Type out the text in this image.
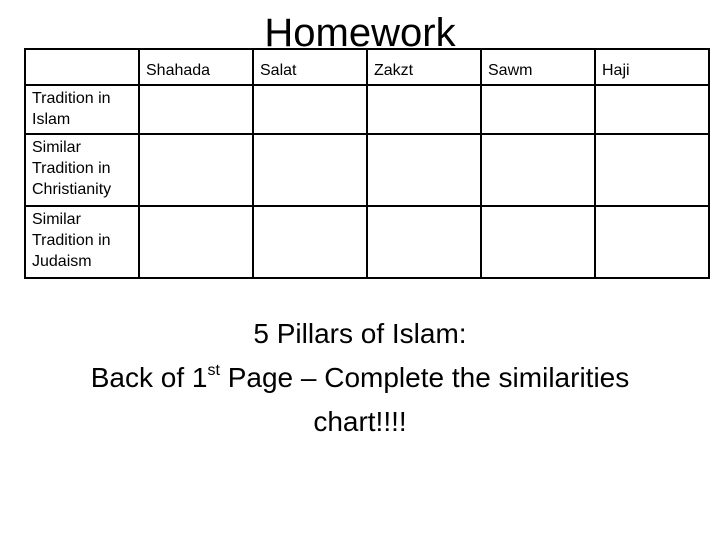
Homework
	Shahada	Salat	Zakzt	Sawm	Haji
Tradition in Islam					
Similar Tradition in Christianity					
Similar Tradition in Judaism					
5 Pillars of Islam:
Back of 1st Page – Complete the similarities
chart!!!!
